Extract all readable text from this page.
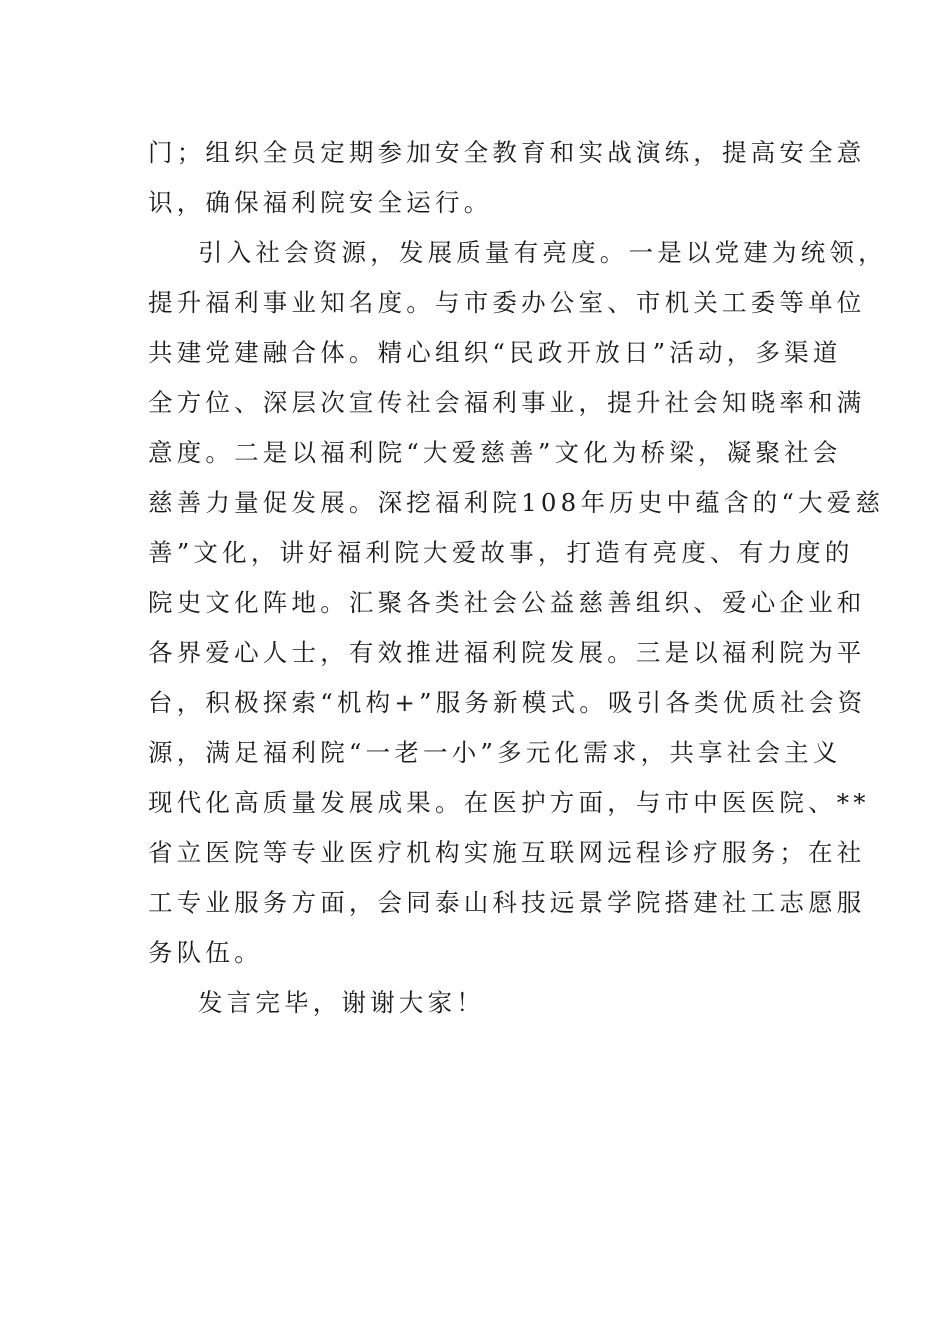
门；组织全员定期参加安全教育和实战演练，提高安全意
识，确保福利院安全运行。
引入社会资源，发展质量有亮度。一是以党建为统领，
提升福利事业知名度。与市委办公室、市机关工委等单位
共建党建融合体。精心组织“民政开放日”活动，多渠道
全方位、深层次宣传社会福利事业，提升社会知晓率和满
意度。二是以福利院“大爱慈善”文化为桥梁，凝聚社会
慈善力量促发展。深挖福利院108年历史中蕴含的“大爱慈
善”文化，讲好福利院大爱故事，打造有亮度、有力度的
院史文化阵地。汇聚各类社会公益慈善组织、爱心企业和
各界爱心人士，有效推进福利院发展。三是以福利院为平
台，积极探索“机构+”服务新模式。吸引各类优质社会资
源，满足福利院“一老一小”多元化需求，共享社会主义
现代化高质量发展成果。在医护方面，与市中医医院、**
省立医院等专业医疗机构实施互联网远程诊疗服务；在社
工专业服务方面，会同泰山科技远景学院搭建社工志愿服
务队伍。
发言完毕，谢谢大家！
